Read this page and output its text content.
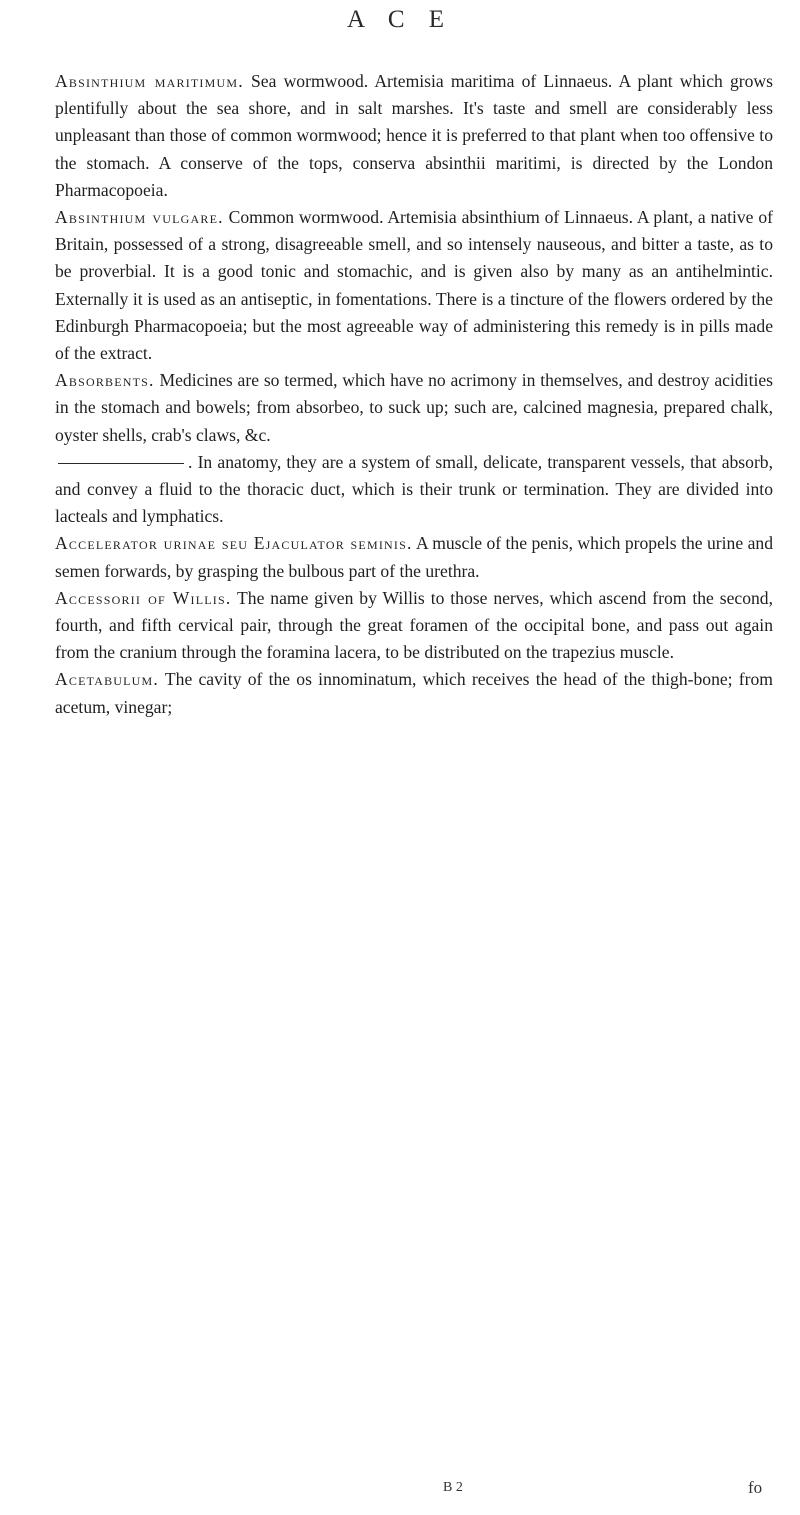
A C E

Absinthium maritimum. Sea wormwood. Artemisia maritima of Linnaeus. A plant which grows plentifully about the sea shore, and in salt marshes. It's taste and smell are considerably less unpleasant than those of common wormwood; hence it is preferred to that plant when too offensive to the stomach. A conserve of the tops, conserva absinthii maritimi, is directed by the London Pharmacopoeia.

Absinthium vulgare. Common wormwood. Artemisia absinthium of Linnaeus. A plant, a native of Britain, possessed of a strong, disagreeable smell, and so intensely nauseous, and bitter a taste, as to be proverbial. It is a good tonic and stomachic, and is given also by many as an antihelmintic. Externally it is used as an antiseptic, in fomentations. There is a tincture of the flowers ordered by the Edinburgh Pharmacopoeia; but the most agreeable way of administering this remedy is in pills made of the extract.

Absorbents. Medicines are so termed, which have no acrimony in themselves, and destroy acidities in the stomach and bowels; from absorbeo, to suck up; such are, calcined magnesia, prepared chalk, oyster shells, crab's claws, &c.

. In anatomy, they are a system of small, delicate, transparent vessels, that absorb, and convey a fluid to the thoracic duct, which is their trunk or termination. They are divided into lacteals and lymphatics.

Accelerator urinae seu Ejaculator seminis. A muscle of the penis, which propels the urine and semen forwards, by grasping the bulbous part of the urethra.

Accessorii of Willis. The name given by Willis to those nerves, which ascend from the second, fourth, and fifth cervical pair, through the great foramen of the occipital bone, and pass out again from the cranium through the foramina lacera, to be distributed on the trapezius muscle.

Acetabulum. The cavity of the os innominatum, which receives the head of the thigh-bone; from acetum, vinegar;

B 2	fo
